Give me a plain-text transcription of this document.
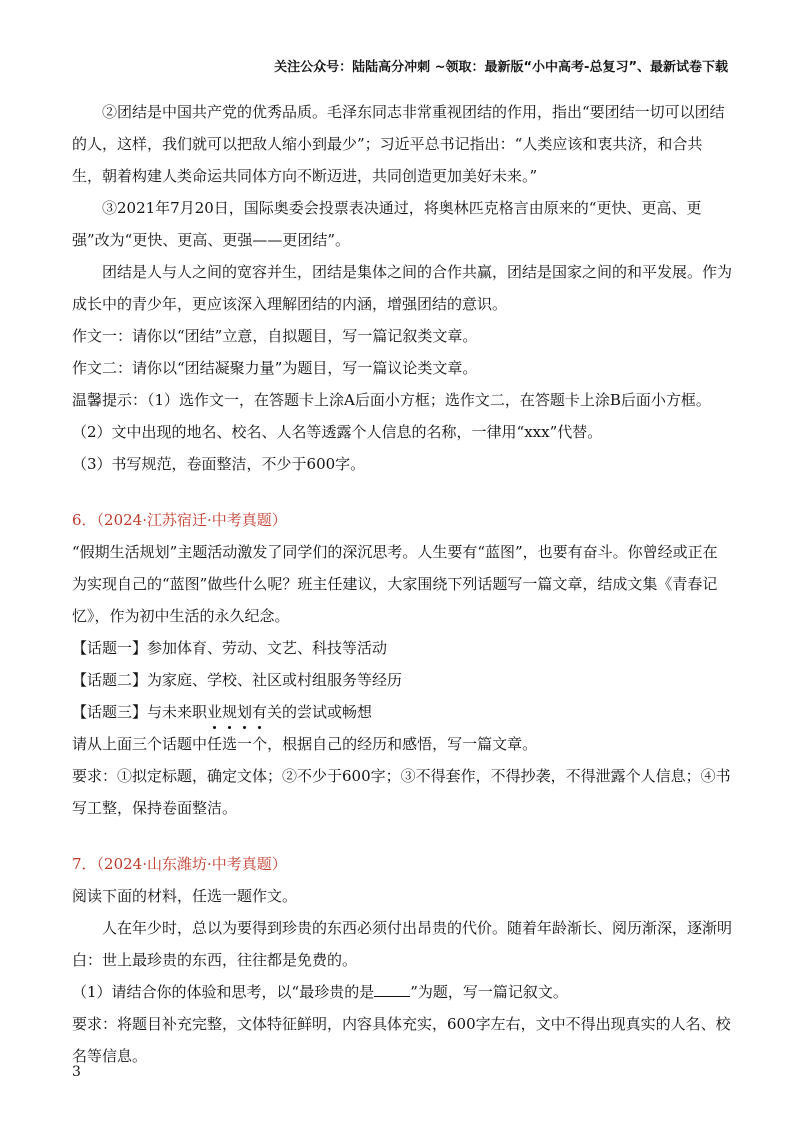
关注公众号：陆陆高分冲刺 ~领取：最新版“小中高考-总复习”、最新试卷下载

②团结是中国共产党的优秀品质。毛泽东同志非常重视团结的作用，指出“要团结一切可以团结的人，这样，我们就可以把敌人缩小到最少”；习近平总书记指出：“人类应该和衷共济，和合共生，朝着构建人类命运共同体方向不断迈进，共同创造更加美好未来。”

③2021年7月20日，国际奥委会投票表决通过，将奥林匹克格言由原来的“更快、更高、更强”改为“更快、更高、更强——更团结”。

团结是人与人之间的宽容并生，团结是集体之间的合作共赢，团结是国家之间的和平发展。作为成长中的青少年，更应该深入理解团结的内涵，增强团结的意识。

作文一：请你以“团结”立意，自拟题目，写一篇记叙类文章。

作文二：请你以“团结凝聚力量”为题目，写一篇议论类文章。

温馨提示：（1）选作文一，在答题卡上涂A后面小方框；选作文二，在答题卡上涂B后面小方框。

（2）文中出现的地名、校名、人名等透露个人信息的名称，一律用“xxx”代替。

（3）书写规范，卷面整洁，不少于600字。

6．（2024·江苏宿迁·中考真题）

“假期生活规划”主题活动激发了同学们的深沉思考。人生要有“蓝图”，也要有奋斗。你曾经或正在为实现自己的“蓝图”做些什么呢？班主任建议，大家围绕下列话题写一篇文章，结成文集《青春记忆》，作为初中生活的永久纪念。

【话题一】参加体育、劳动、文艺、科技等活动

【话题二】为家庭、学校、社区或村组服务等经历

【话题三】与未来职业规划有关的尝试或畅想

请从上面三个话题中任选一个，根据自己的经历和感悟，写一篇文章。

要求：①拟定标题，确定文体；②不少于600字；③不得套作，不得抄袭，不得泄露个人信息；④书写工整，保持卷面整洁。

7．（2024·山东潍坊·中考真题）

阅读下面的材料，任选一题作文。

人在年少时，总以为要得到珍贵的东西必须付出昂贵的代价。随着年龄渐长、阅历渐深，逐渐明白：世上最珍贵的东西，往往都是免费的。

（1）请结合你的体验和思考，以“最珍贵的是 ”为题，写一篇记叙文。

要求：将题目补充完整，文体特征鲜明，内容具体充实，600字左右，文中不得出现真实的人名、校名等信息。

3
